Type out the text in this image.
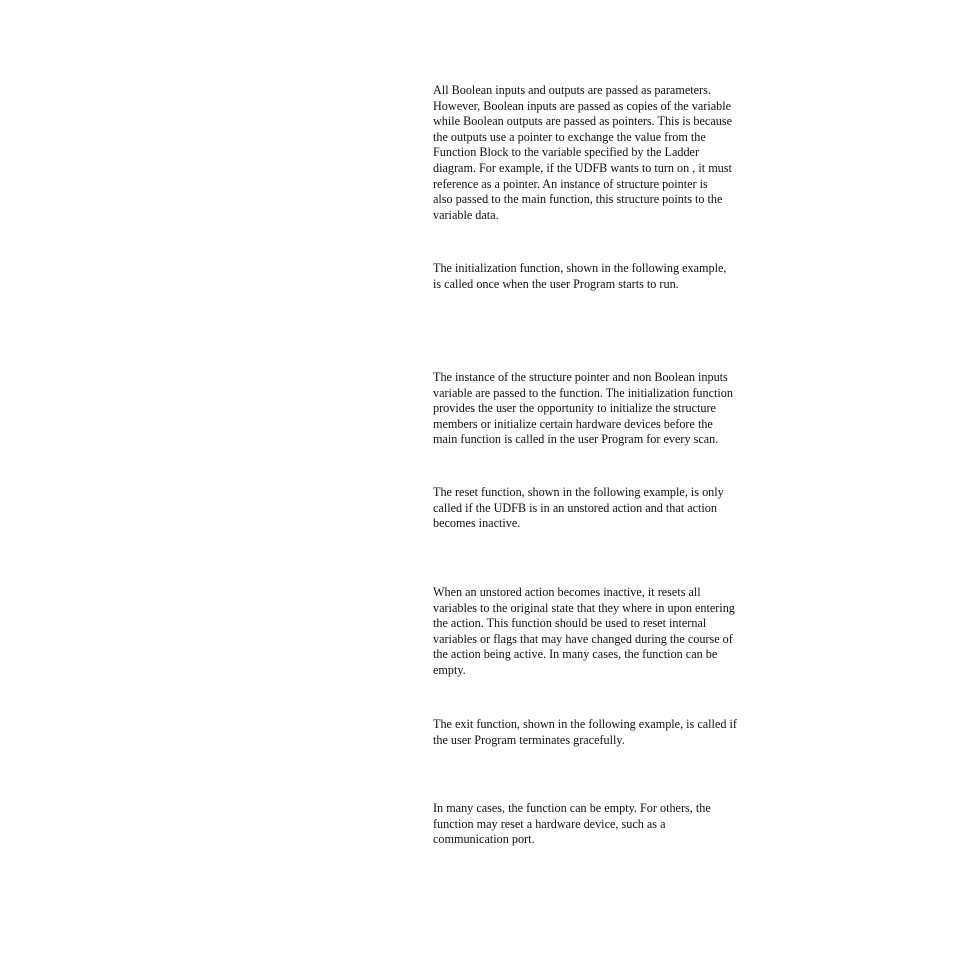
All Boolean inputs and outputs are passed as parameters.
However, Boolean inputs are passed as copies of the variable
while Boolean outputs are passed as pointers. This is because
the outputs use a pointer to exchange the value from the
Function Block to the variable specified by the Ladder
diagram. For example, if the UDFB wants to turn on , it must
reference as a pointer. An instance of structure pointer is
also passed to the main function, this structure points to the
variable data.

The initialization function, shown in the following example,
is called once when the user Program starts to run.

The instance of the structure pointer and non Boolean inputs
variable are passed to the function. The initialization function
provides the user the opportunity to initialize the structure
members or initialize certain hardware devices before the
main function is called in the user Program for every scan.

The reset function, shown in the following example, is only
called if the UDFB is in an unstored action and that action
becomes inactive.

When an unstored action becomes inactive, it resets all
variables to the original state that they where in upon entering
the action. This function should be used to reset internal
variables or flags that may have changed during the course of
the action being active. In many cases, the function can be
empty.

The exit function, shown in the following example, is called if
the user Program terminates gracefully.

In many cases, the function can be empty. For others, the
function may reset a hardware device, such as a
communication port.
